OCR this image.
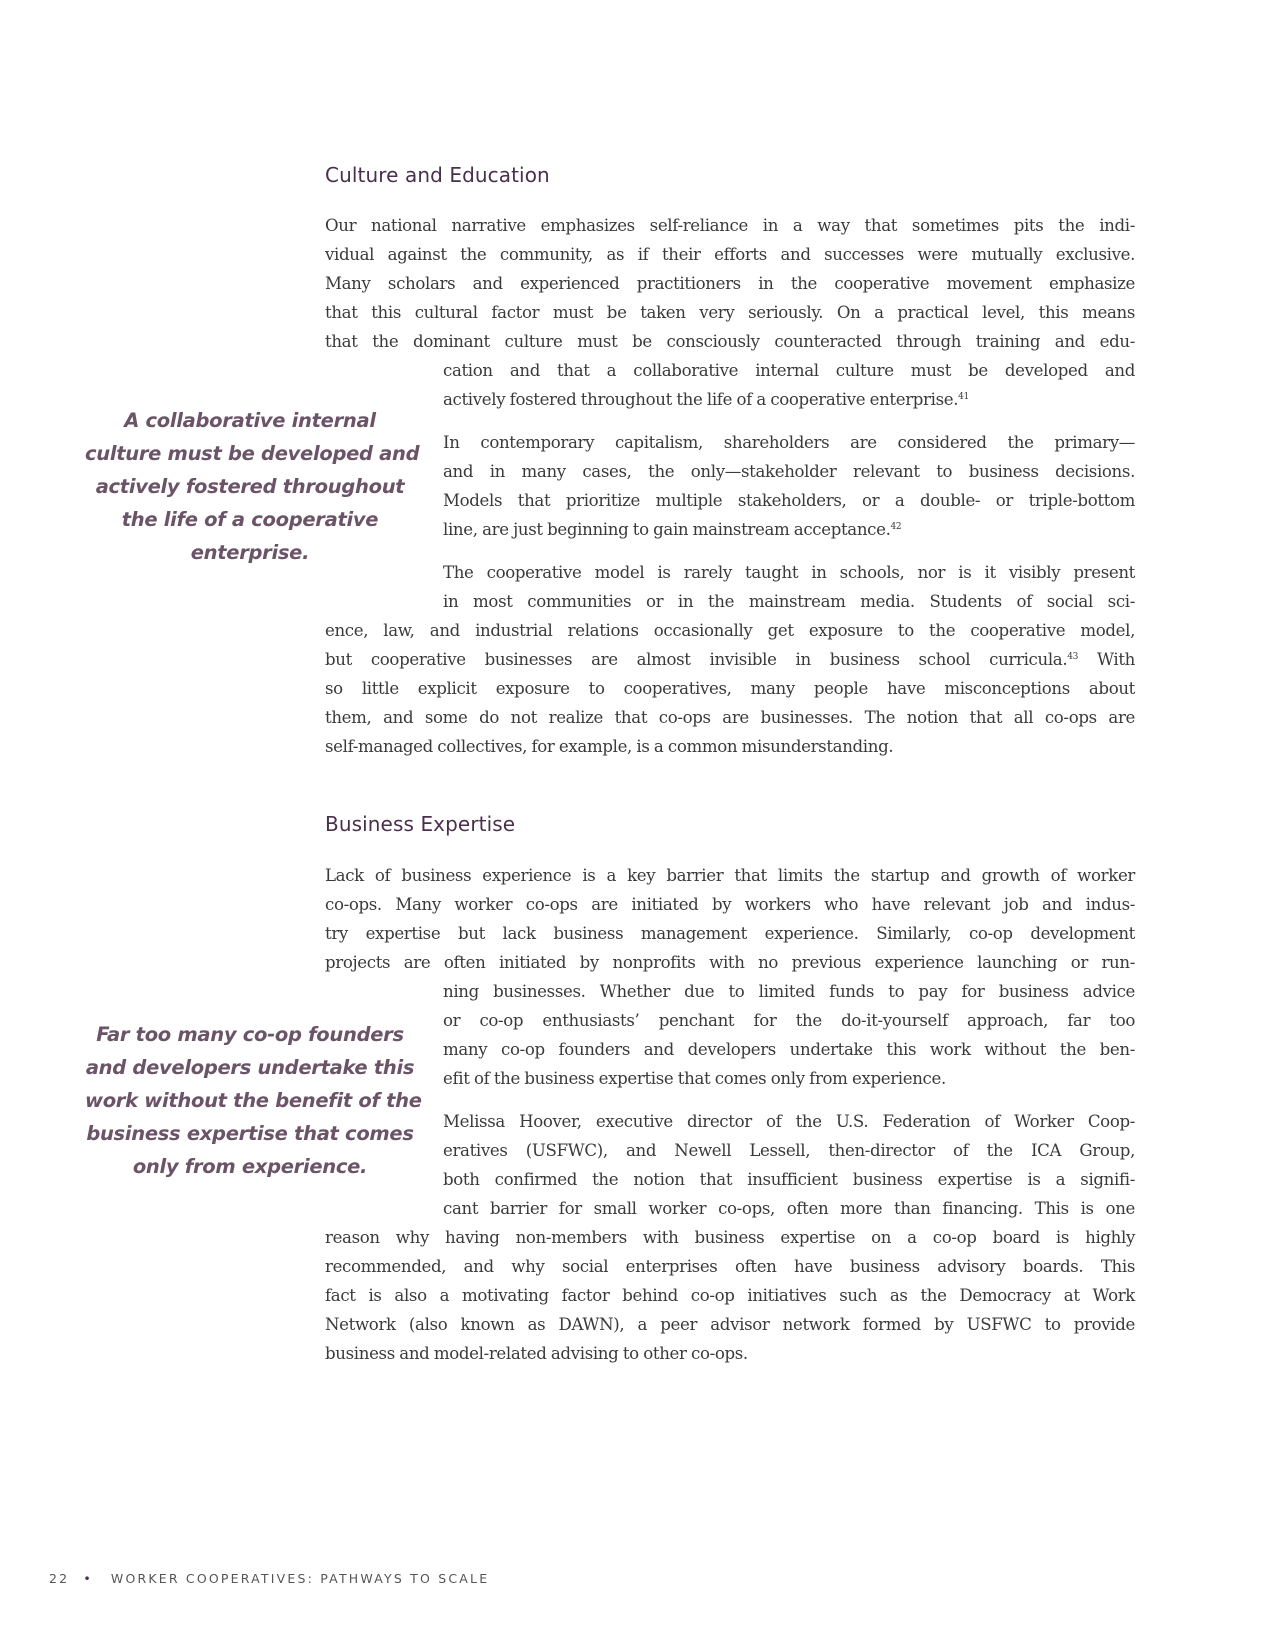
Culture and Education

Our national narrative emphasizes self-reliance in a way that sometimes pits the indi-
vidual against the community, as if their efforts and successes were mutually exclusive.
Many scholars and experienced practitioners in the cooperative movement emphasize
that this cultural factor must be taken very seriously. On a practical level, this means
that the dominant culture must be consciously counteracted through training and edu-
cation and that a collaborative internal culture must be developed and
actively fostered throughout the life of a cooperative enterprise.$^{41}$

In contemporary capitalism, shareholders are considered the primary—
and in many cases, the only—stakeholder relevant to business decisions.
Models that prioritize multiple stakeholders, or a double- or triple-bottom
line, are just beginning to gain mainstream acceptance.$^{42}$

The cooperative model is rarely taught in schools, nor is it visibly present
in most communities or in the mainstream media. Students of social sci-
ence, law, and industrial relations occasionally get exposure to the cooperative model,
but cooperative businesses are almost invisible in business school curricula.$^{43}$ With
so little explicit exposure to cooperatives, many people have misconceptions about
them, and some do not realize that co-ops are businesses. The notion that all co-ops are
self-managed collectives, for example, is a common misunderstanding.

A collaborative internal
culture must be developed and
actively fostered throughout
the life of a cooperative
enterprise.
Business Expertise

Lack of business experience is a key barrier that limits the startup and growth of worker
co-ops. Many worker co-ops are initiated by workers who have relevant job and indus-
try expertise but lack business management experience. Similarly, co-op development
projects are often initiated by nonprofits with no previous experience launching or run-
ning businesses. Whether due to limited funds to pay for business advice
or co-op enthusiasts’ penchant for the do-it-yourself approach, far too
many co-op founders and developers undertake this work without the ben-
efit of the business expertise that comes only from experience.

Melissa Hoover, executive director of the U.S. Federation of Worker Coop-
eratives (USFWC), and Newell Lessell, then-director of the ICA Group,
both confirmed the notion that insufficient business expertise is a signifi-
cant barrier for small worker co-ops, often more than financing. This is one
reason why having non-members with business expertise on a co-op board is highly
recommended, and why social enterprises often have business advisory boards. This
fact is also a motivating factor behind co-op initiatives such as the Democracy at Work
Network (also known as DAWN), a peer advisor network formed by USFWC to provide
business and model-related advising to other co-ops.

Far too many co-op founders
and developers undertake this
work without the benefit of the
business expertise that comes
only from experience.
22 • WORKER COOPERATIVES: PATHWAYS TO SCALE
